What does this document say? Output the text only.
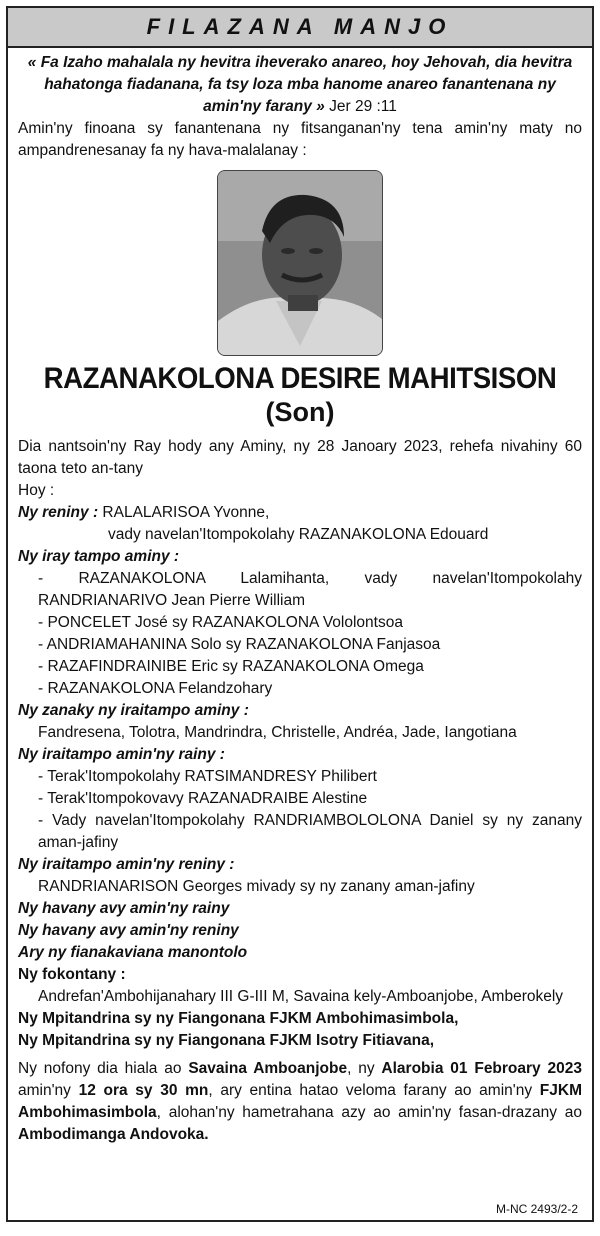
FILAZANA MANJO
« Fa Izaho mahalala ny hevitra iheverako anareo, hoy Jehovah, dia hevitra hahatonga fiadanana, fa tsy loza mba hanome anareo fanantenana ny amin'ny farany » Jer 29 :11
Amin'ny finoana sy fanantenana ny fitsanganan'ny tena amin'ny maty no ampandrenesanay fa ny hava-malalanay :
RAZANAKOLONA DESIRE MAHITSISON
(Son)
Dia nantsoin'ny Ray hody any Aminy, ny 28 Janoary 2023, rehefa nivahiny 60 taona teto an-tany
Hoy :
Ny reniny : RALALARISOA Yvonne,
vady navelan'Itompokolahy RAZANAKOLONA Edouard
Ny iray tampo aminy :
- RAZANAKOLONA Lalamihanta, vady navelan'Itompokolahy RANDRIANARIVO Jean Pierre William
- PONCELET José sy RAZANAKOLONA Vololontsoa
- ANDRIAMAHANINA Solo sy RAZANAKOLONA Fanjasoa
- RAZAFINDRAINIBE Eric sy RAZANAKOLONA Omega
- RAZANAKOLONA Felandzohary
Ny zanaky ny iraitampo aminy :
Fandresena, Tolotra, Mandrindra, Christelle, Andréa, Jade, Iangotiana
Ny iraitampo amin'ny rainy :
- Terak'Itompokolahy RATSIMANDRESY Philibert
- Terak'Itompokovavy RAZANADRAIBE Alestine
- Vady navelan'Itompokolahy RANDRIAMBOLOLONA Daniel sy ny zanany aman-jafiny
Ny iraitampo amin'ny reniny :
RANDRIANARISON Georges mivady sy ny zanany aman-jafiny
Ny havany avy amin'ny rainy
Ny havany avy amin'ny reniny
Ary ny fianakaviana manontolo
Ny fokontany :
Andrefan'Ambohijanahary III G-III M, Savaina kely-Amboanjobe, Amberokely
Ny Mpitandrina sy ny Fiangonana FJKM Ambohimasimbola,
Ny Mpitandrina sy ny Fiangonana FJKM Isotry Fitiavana,
Ny nofony dia hiala ao Savaina Amboanjobe, ny Alarobia 01 Febroary 2023 amin'ny 12 ora sy 30 mn, ary entina hatao veloma farany ao amin'ny FJKM Ambohimasimbola, alohan'ny hametrahana azy ao amin'ny fasan-drazany ao Ambodimanga Andovoka.
M-NC 2493/2-2
